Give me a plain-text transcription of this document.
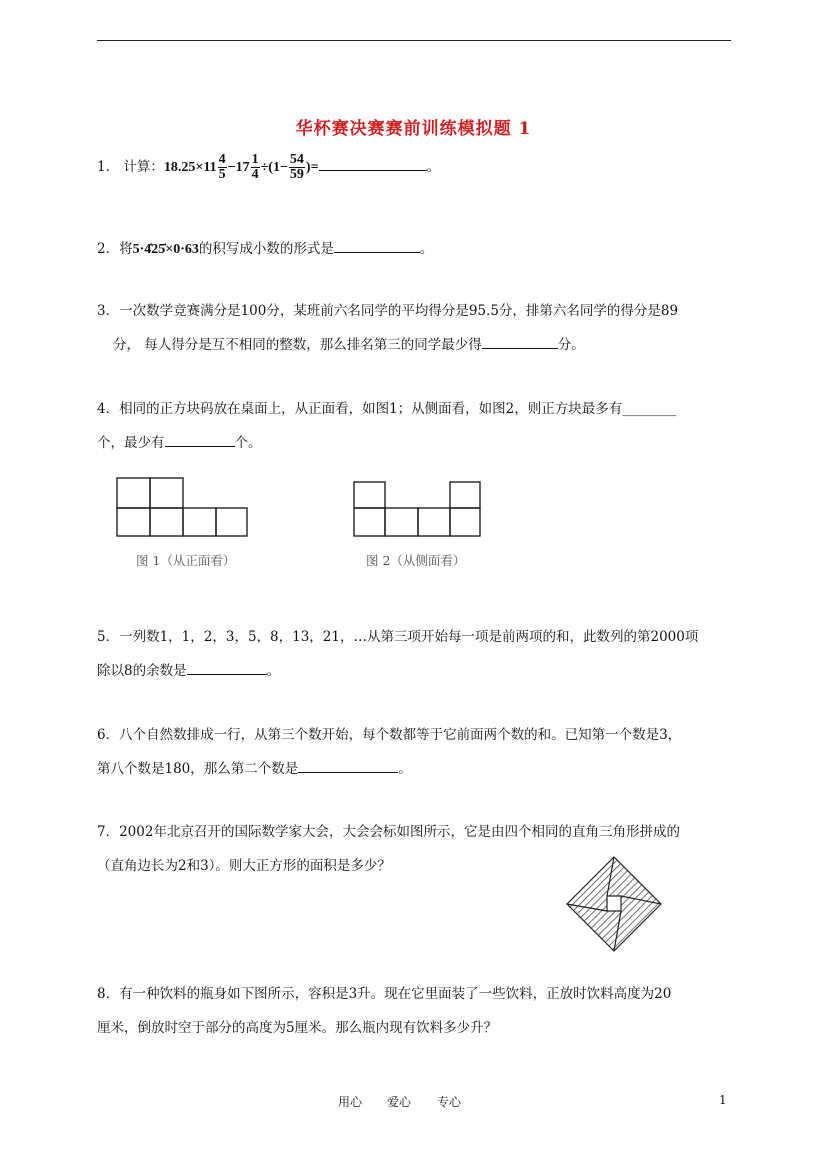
华杯赛决赛赛前训练模拟题 1
1． 计算：$18.25\times 11 \frac{4}{5} -17 \frac{1}{4} \div(1- \frac{54}{59}$ )=	。
2．将5·4̇25̇×0·63的积写成小数的形式是	。
3．一次数学竞赛满分是100分，某班前六名同学的平均得分是95.5分，排第六名同学的得分是89
分， 每人得分是互不相同的整数，那么排名第三的同学最少得	分。
4．相同的正方块码放在桌面上，从正面看，如图1；从侧面看，如图2，则正方块最多有________
个，最少有	个。
图 1（从正面看）	图 2（从侧面看）
5．一列数1，1，2，3，5，8，13，21，…从第三项开始每一项是前两项的和，此数列的第2000项
除以8的余数是	。
6．八个自然数排成一行，从第三个数开始，每个数都等于它前面两个数的和。已知第一个数是3，
第八个数是180，那么第二个数是	。
7．2002年北京召开的国际数学家大会，大会会标如图所示，它是由四个相同的直角三角形拼成的
（直角边长为2和3）。则大正方形的面积是多少？
8．有一种饮料的瓶身如下图所示，容积是3升。现在它里面装了一些饮料，正放时饮料高度为20
厘米，倒放时空于部分的高度为5厘米。那么瓶内现有饮料多少升？
用心 爱心 专心	1
